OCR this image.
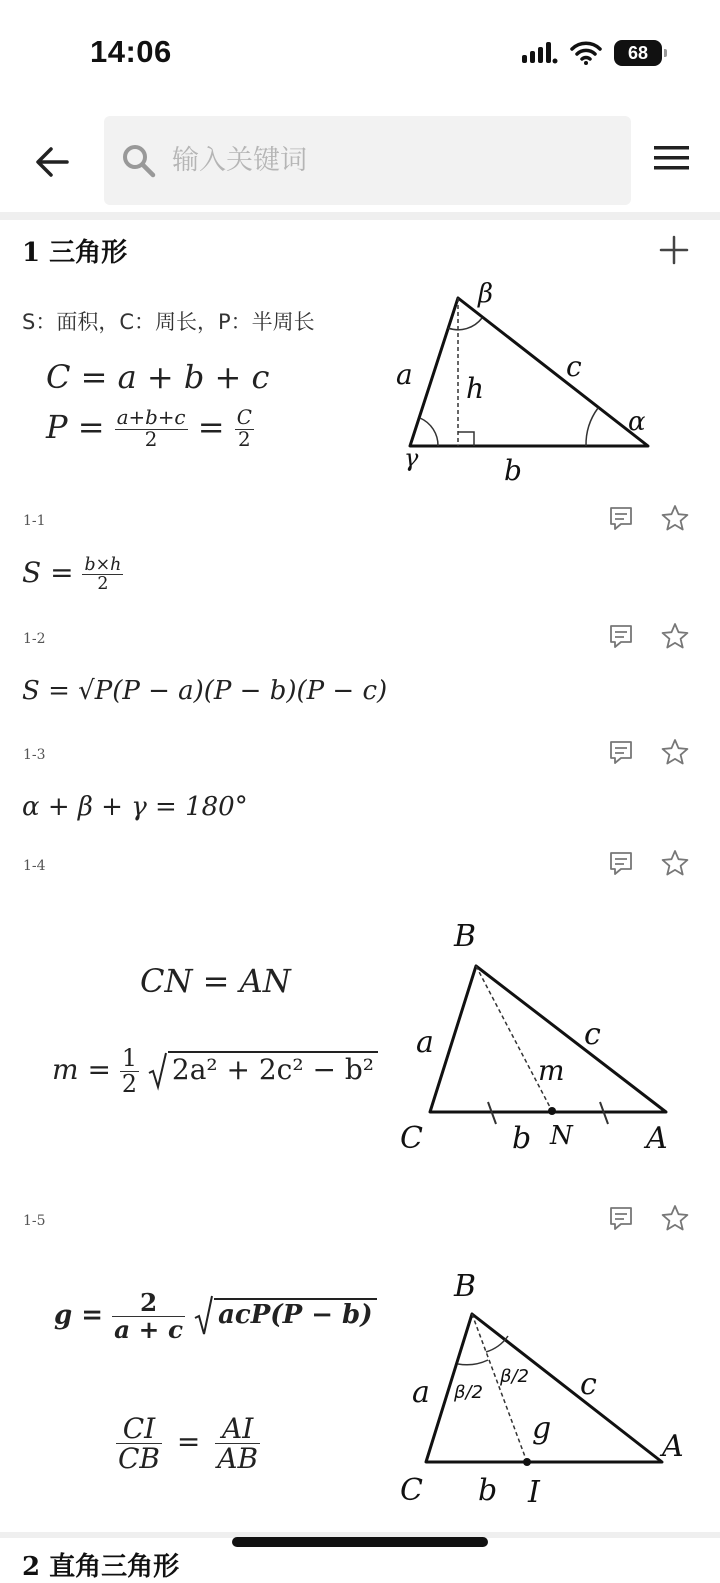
14:06	68
输入关键词
1 三角形
S：面积，C：周长，P：半周长
C = a + b + c
$P = \frac{a+b+c}{2} = \frac{C}{2}$
β
a h
c
α
γ	b
1-1
$S = \frac{b\times h}{2}$
1-2
S = √P(P − a)(P − b)(P − c)
1-3
α + β + γ = 180°
1-4
CN = AN
$m = \frac{1}{2} 2a^2 + 2c^2 - b^2$
B
a	c
m
C	b N A
1-5
$g = \frac{2}{a + c} acP(P - b)$
$\frac{CI}{CB} = \frac{AI}{AB}$
B
β/2
β/2
a	c
g
C b I
A
2 直角三角形
